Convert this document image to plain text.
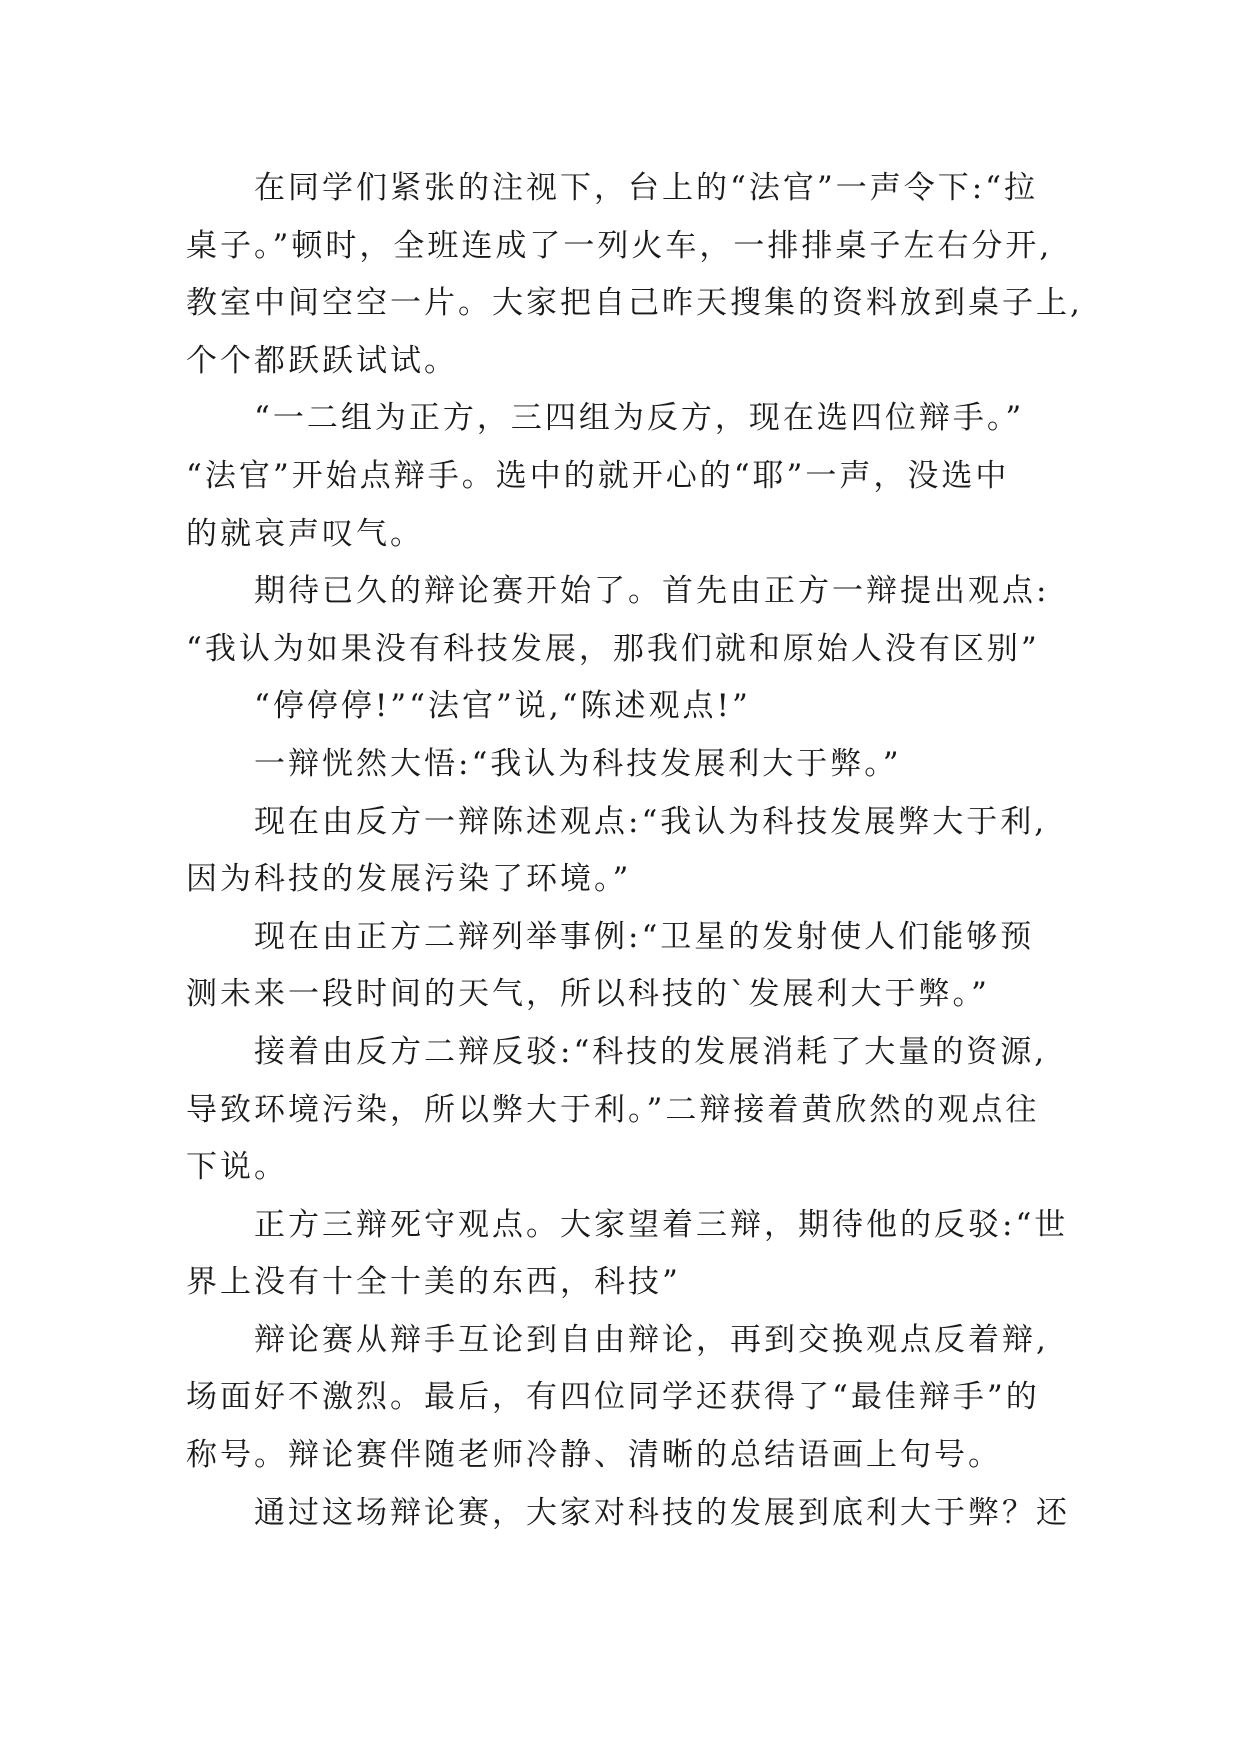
在同学们紧张的注视下，台上的“法官”一声令下:“拉
桌子。”顿时，全班连成了一列火车，一排排桌子左右分开,
教室中间空空一片。大家把自己昨天搜集的资料放到桌子上,
个个都跃跃试试。
“一二组为正方，三四组为反方，现在选四位辩手。”
“法官”开始点辩手。选中的就开心的“耶”一声，没选中
的就哀声叹气。
期待已久的辩论赛开始了。首先由正方一辩提出观点:
“我认为如果没有科技发展，那我们就和原始人没有区别”
“停停停!”“法官”说,“陈述观点!”
一辩恍然大悟:“我认为科技发展利大于弊。”
现在由反方一辩陈述观点:“我认为科技发展弊大于利,
因为科技的发展污染了环境。”
现在由正方二辩列举事例:“卫星的发射使人们能够预
测未来一段时间的天气，所以科技的`发展利大于弊。”
接着由反方二辩反驳:“科技的发展消耗了大量的资源,
导致环境污染，所以弊大于利。”二辩接着黄欣然的观点往
下说。
正方三辩死守观点。大家望着三辩，期待他的反驳:“世
界上没有十全十美的东西，科技”
辩论赛从辩手互论到自由辩论，再到交换观点反着辩,
场面好不激烈。最后，有四位同学还获得了“最佳辩手”的
称号。辩论赛伴随老师冷静、清晰的总结语画上句号。
通过这场辩论赛，大家对科技的发展到底利大于弊？还
